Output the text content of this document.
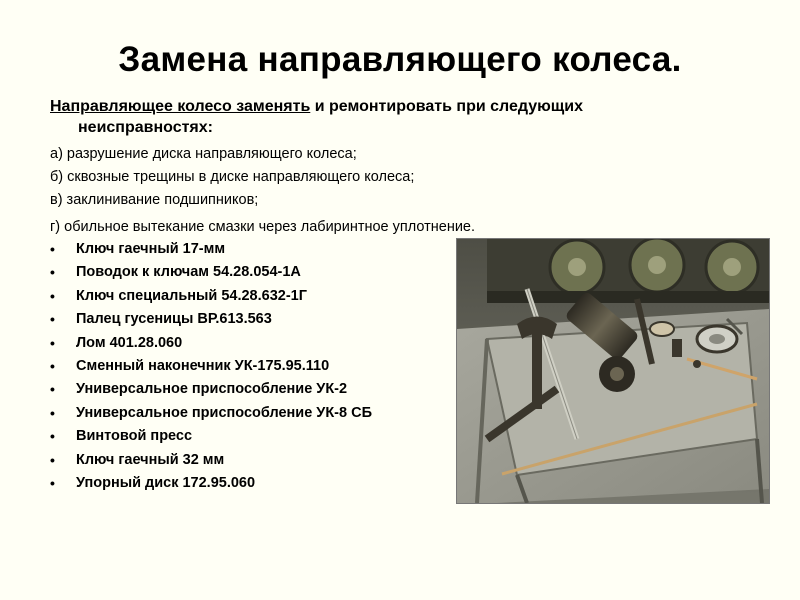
Замена направляющего колеса.
Направляющее колесо заменять и ремонтировать при следующих
неисправностях:
а) разрушение диска направляющего колеса;
б) сквозные трещины в диске направляющего колеса;
в) заклинивание подшипников;
г) обильное вытекание смазки через лабиринтное уплотнение.
• Ключ гаечный 17-мм
• Поводок к ключам 54.28.054-1А
• Ключ специальный 54.28.632-1Г
• Палец гусеницы ВР.613.563
• Лом 401.28.060
• Сменный наконечник УК-175.95.110
• Универсальное приспособление УК-2
• Универсальное приспособление УК-8 СБ
• Винтовой пресс
• Ключ гаечный 32 мм
• Упорный диск 172.95.060
